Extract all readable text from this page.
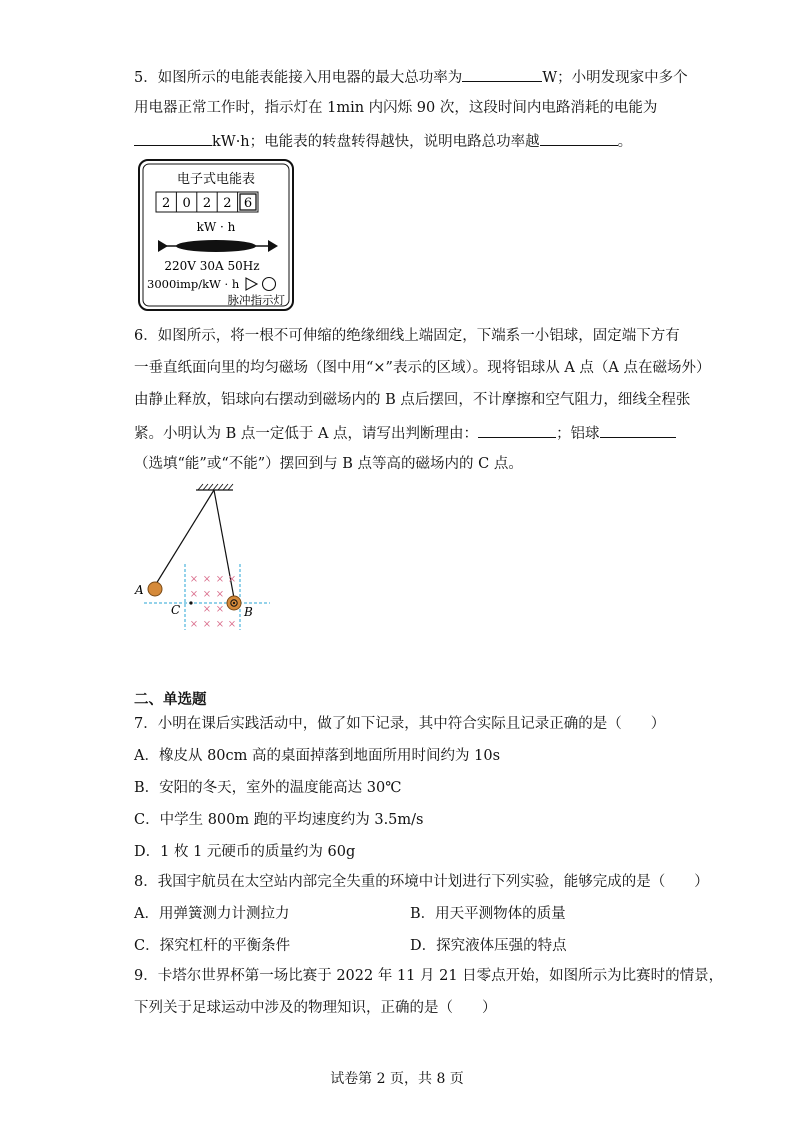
5．如图所示的电能表能接入用电器的最大总功率为	W；小明发现家中多个
用电器正常工作时，指示灯在 1min 内闪烁 90 次，这段时间内电路消耗的电能为
kW·h；电能表的转盘转得越快，说明电路总功率越	。
电子式电能表
2 0 2 2 6
kW · h
220V 30A 50Hz
3000imp/kW · h
脉冲指示灯
6．如图所示，将一根不可伸缩的绝缘细线上端固定，下端系一小铝球，固定端下方有
一垂直纸面向里的均匀磁场（图中用“×”表示的区域）。现将铝球从 A 点（A 点在磁场外）
由静止释放，铝球向右摆动到磁场内的 B 点后摆回，不计摩擦和空气阻力，细线全程张
紧。小明认为 B 点一定低于 A 点，请写出判断理由：	；铝球
（选填“能”或“不能”）摆回到与 B 点等高的磁场内的 C 点。
× × × ×
× × ×
× ×
× × × ×
A
C	B
二、单选题
7．小明在课后实践活动中，做了如下记录，其中符合实际且记录正确的是（　　）
A．橡皮从 80cm 高的桌面掉落到地面所用时间约为 10s
B．安阳的冬天，室外的温度能高达 30℃
C．中学生 800m 跑的平均速度约为 3.5m/s
D．1 枚 1 元硬币的质量约为 60g
8．我国宇航员在太空站内部完全失重的环境中计划进行下列实验，能够完成的是（　　）
A．用弹簧测力计测拉力	B．用天平测物体的质量
C．探究杠杆的平衡条件	D．探究液体压强的特点
9．卡塔尔世界杯第一场比赛于 2022 年 11 月 21 日零点开始，如图所示为比赛时的情景，
下列关于足球运动中涉及的物理知识，正确的是（　　）
试卷第 2 页，共 8 页
